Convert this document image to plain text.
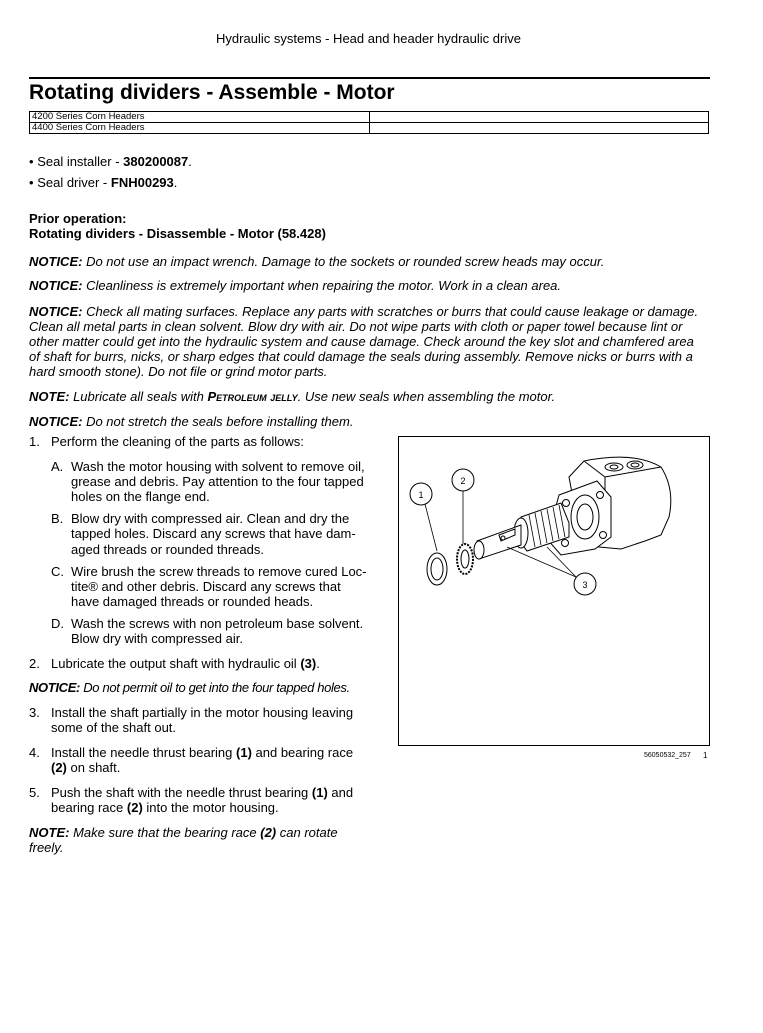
Hydraulic systems - Head and header hydraulic drive
Rotating dividers - Assemble - Motor
4200 Series Corn Headers	
4400 Series Corn Headers	
• Seal installer - 380200087.
• Seal driver - FNH00293.
Prior operation:
Rotating dividers - Disassemble - Motor (58.428)
NOTICE: Do not use an impact wrench. Damage to the sockets or rounded screw heads may occur.
NOTICE: Cleanliness is extremely important when repairing the motor. Work in a clean area.
NOTICE: Check all mating surfaces. Replace any parts with scratches or burrs that could cause leakage or damage.
Clean all metal parts in clean solvent. Blow dry with air. Do not wipe parts with cloth or paper towel because lint or
other matter could get into the hydraulic system and cause damage. Check around the key slot and chamfered area
of shaft for burrs, nicks, or sharp edges that could damage the seals during assembly. Remove nicks or burrs with a
hard smooth stone). Do not file or grind motor parts.
NOTE: Lubricate all seals with Petroleum jelly. Use new seals when assembling the motor.
NOTICE: Do not stretch the seals before installing them.
1. Perform the cleaning of the parts as follows:
A. Wash the motor housing with solvent to remove oil,
grease and debris. Pay attention to the four tapped
holes on the flange end.
B. Blow dry with compressed air. Clean and dry the
tapped holes. Discard any screws that have dam-
aged threads or rounded threads.
C. Wire brush the screw threads to remove cured Loc-
tite® and other debris. Discard any screws that
have damaged threads or rounded heads.
D. Wash the screws with non petroleum base solvent.
Blow dry with compressed air.
2. Lubricate the output shaft with hydraulic oil (3).
NOTICE: Do not permit oil to get into the four tapped holes.
3. Install the shaft partially in the motor housing leaving
some of the shaft out.
4. Install the needle thrust bearing (1) and bearing race
(2) on shaft.
5. Push the shaft with the needle thrust bearing (1) and
bearing race (2) into the motor housing.
NOTE: Make sure that the bearing race (2) can rotate
freely.
1
2
3
56050532_257 1
